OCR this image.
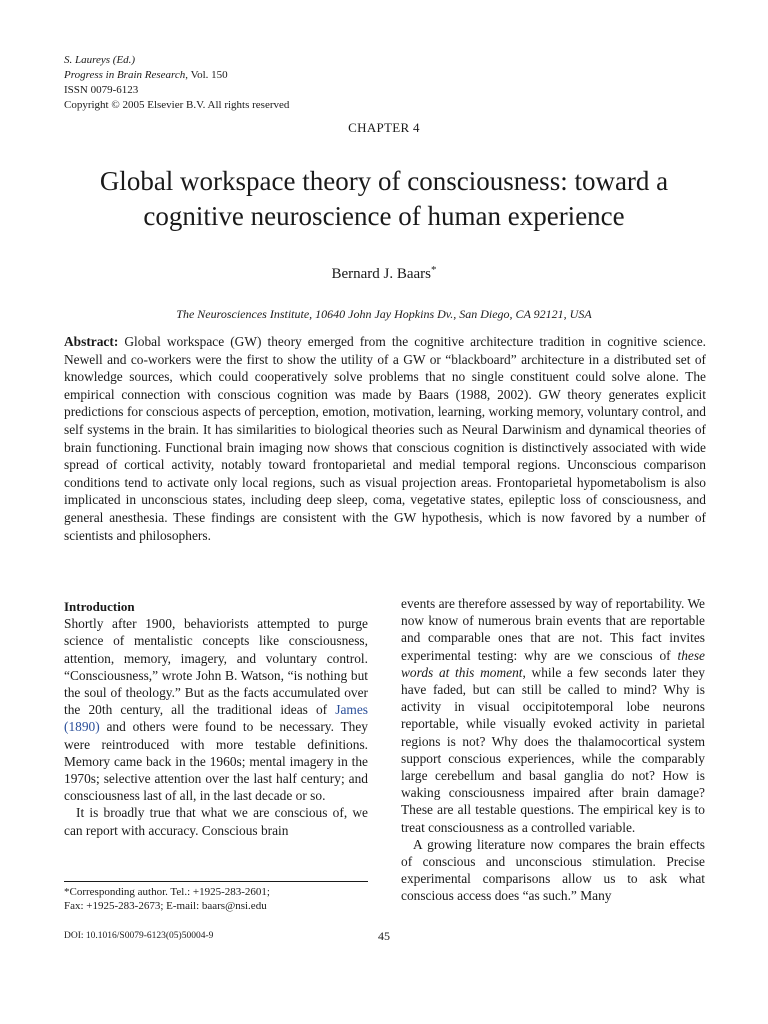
S. Laureys (Ed.)
Progress in Brain Research, Vol. 150
ISSN 0079-6123
Copyright © 2005 Elsevier B.V. All rights reserved
CHAPTER 4
Global workspace theory of consciousness: toward a
cognitive neuroscience of human experience
Bernard J. Baars*
The Neurosciences Institute, 10640 John Jay Hopkins Dv., San Diego, CA 92121, USA

Abstract: Global workspace (GW) theory emerged from the cognitive architecture tradition in cognitive science. Newell and co-workers were the first to show the utility of a GW or “blackboard” architecture in a distributed set of knowledge sources, which could cooperatively solve problems that no single constituent could solve alone. The empirical connection with conscious cognition was made by Baars (1988, 2002). GW theory generates explicit predictions for conscious aspects of perception, emotion, motivation, learning, working memory, voluntary control, and self systems in the brain. It has similarities to biological theories such as Neural Darwinism and dynamical theories of brain functioning. Functional brain imaging now shows that conscious cognition is distinctively associated with wide spread of cortical activity, notably toward frontoparietal and medial temporal regions. Unconscious comparison conditions tend to activate only local regions, such as visual projection areas. Frontoparietal hypometabolism is also implicated in unconscious states, including deep sleep, coma, vegetative states, epileptic loss of consciousness, and general anesthesia. These findings are consistent with the GW hypothesis, which is now favored by a number of scientists and philosophers.

Introduction

Shortly after 1900, behaviorists attempted to purge science of mentalistic concepts like consciousness, attention, memory, imagery, and voluntary control. “Consciousness,” wrote John B. Watson, “is nothing but the soul of theology.” But as the facts accumulated over the 20th century, all the traditional ideas of James (1890) and others were found to be necessary. They were reintroduced with more testable definitions. Memory came back in the 1960s; mental imagery in the 1970s; selective attention over the last half century; and consciousness last of all, in the last decade or so.

It is broadly true that what we are conscious of, we can report with accuracy. Conscious brain

events are therefore assessed by way of reportability. We now know of numerous brain events that are reportable and comparable ones that are not. This fact invites experimental testing: why are we conscious of these words at this moment, while a few seconds later they have faded, but can still be called to mind? Why is activity in visual occipitotemporal lobe neurons reportable, while visually evoked activity in parietal regions is not? Why does the thalamocortical system support conscious experiences, while the comparably large cerebellum and basal ganglia do not? How is waking consciousness impaired after brain damage? These are all testable questions. The empirical key is to treat consciousness as a controlled variable.

A growing literature now compares the brain effects of conscious and unconscious stimulation. Precise experimental comparisons allow us to ask what conscious access does “as such.” Many

*Corresponding author. Tel.: +1925-283-2601;

Fax: +1925-283-2673; E-mail: baars@nsi.edu

DOI: 10.1016/S0079-6123(05)50004-9	45
